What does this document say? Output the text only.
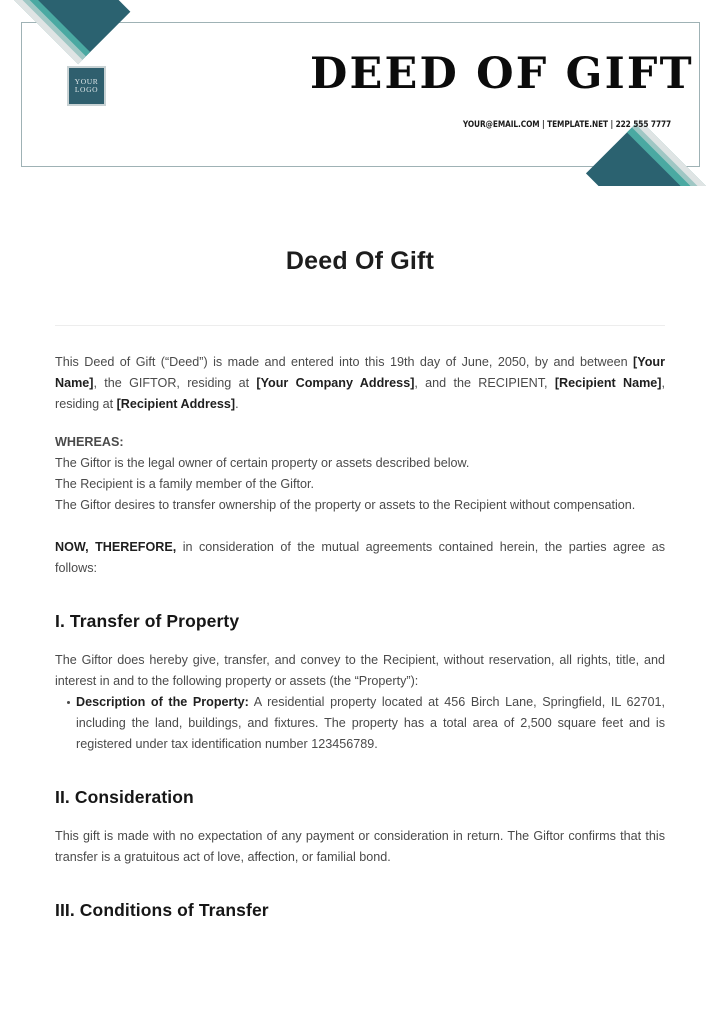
YOUR
LOGO	DEED OF GIFT
YOUR@EMAIL.COM | TEMPLATE.NET | 222 555 7777
Deed Of Gift

This Deed of Gift (“Deed”) is made and entered into this 19th day of June, 2050, by and between [Your Name], the GIFTOR, residing at [Your Company Address], and the RECIPIENT, [Recipient Name], residing at [Recipient Address].

WHEREAS:

The Giftor is the legal owner of certain property or assets described below.

The Recipient is a family member of the Giftor.

The Giftor desires to transfer ownership of the property or assets to the Recipient without compensation.

NOW, THEREFORE, in consideration of the mutual agreements contained herein, the parties agree as follows:

I. Transfer of Property

The Giftor does hereby give, transfer, and convey to the Recipient, without reservation, all rights, title, and interest in and to the following property or assets (the “Property”):

Description of the Property: A residential property located at 456 Birch Lane, Springfield, IL 62701, including the land, buildings, and fixtures. The property has a total area of 2,500 square feet and is registered under tax identification number 123456789.
II. Consideration

This gift is made with no expectation of any payment or consideration in return. The Giftor confirms that this transfer is a gratuitous act of love, affection, or familial bond.

III. Conditions of Transfer
